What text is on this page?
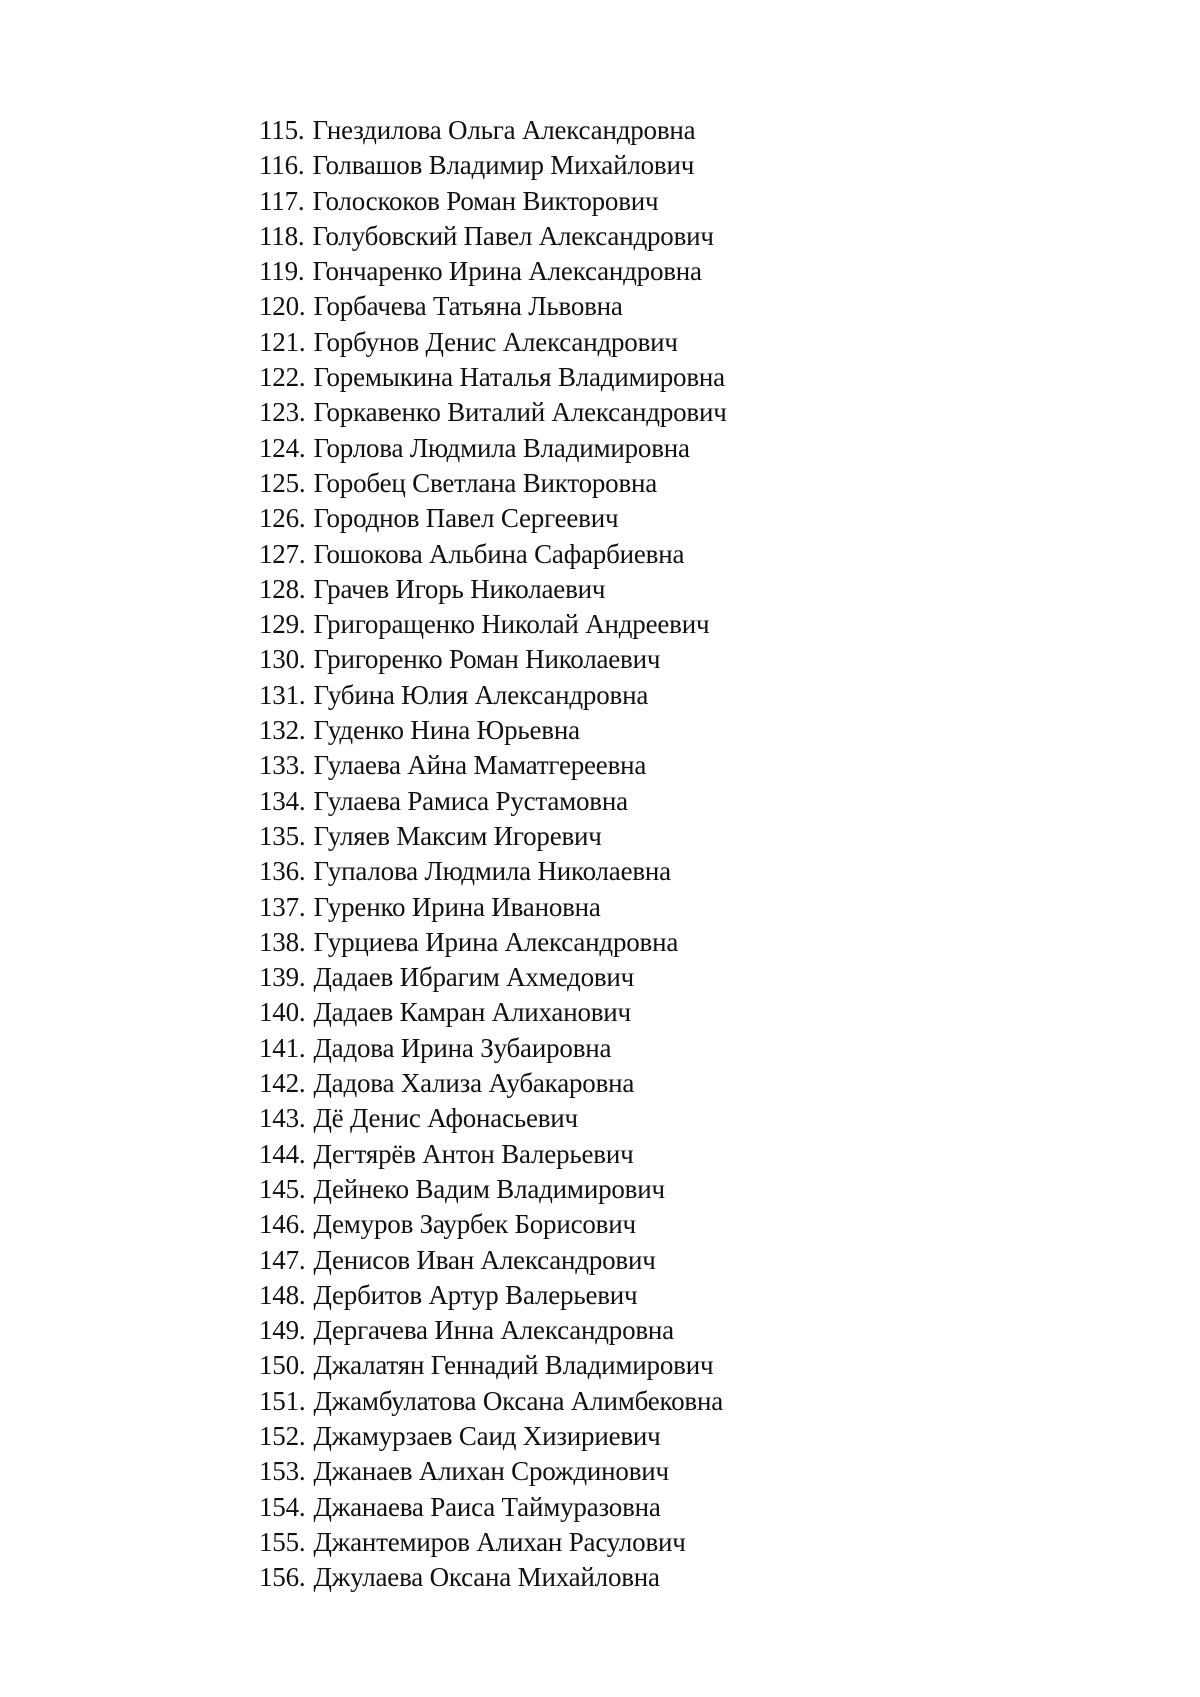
115. Гнездилова Ольга Александровна
116. Голвашов Владимир Михайлович
117. Голоскоков Роман Викторович
118. Голубовский Павел Александрович
119. Гончаренко Ирина Александровна
120. Горбачева Татьяна Львовна
121. Горбунов Денис Александрович
122. Горемыкина Наталья Владимировна
123. Горкавенко Виталий Александрович
124. Горлова Людмила Владимировна
125. Горобец Светлана Викторовна
126. Городнов Павел Сергеевич
127. Гошокова Альбина Сафарбиевна
128. Грачев Игорь Николаевич
129. Григоращенко Николай Андреевич
130. Григоренко Роман Николаевич
131. Губина Юлия Александровна
132. Гуденко Нина Юрьевна
133. Гулаева Айна Маматгереевна
134. Гулаева Рамиса Рустамовна
135. Гуляев Максим Игоревич
136. Гупалова Людмила Николаевна
137. Гуренко Ирина Ивановна
138. Гурциева Ирина Александровна
139. Дадаев Ибрагим Ахмедович
140. Дадаев Камран Алиханович
141. Дадова Ирина Зубаировна
142. Дадова Хализа Аубакаровна
143. Дё Денис Афонасьевич
144. Дегтярёв Антон Валерьевич
145. Дейнеко Вадим Владимирович
146. Демуров Заурбек Борисович
147. Денисов Иван Александрович
148. Дербитов Артур Валерьевич
149. Дергачева Инна Александровна
150. Джалатян Геннадий Владимирович
151. Джамбулатова Оксана Алимбековна
152. Джамурзаев Саид Хизириевич
153. Джанаев Алихан Срождинович
154. Джанаева Раиса Таймуразовна
155. Джантемиров Алихан Расулович
156. Джулаева Оксана Михайловна
